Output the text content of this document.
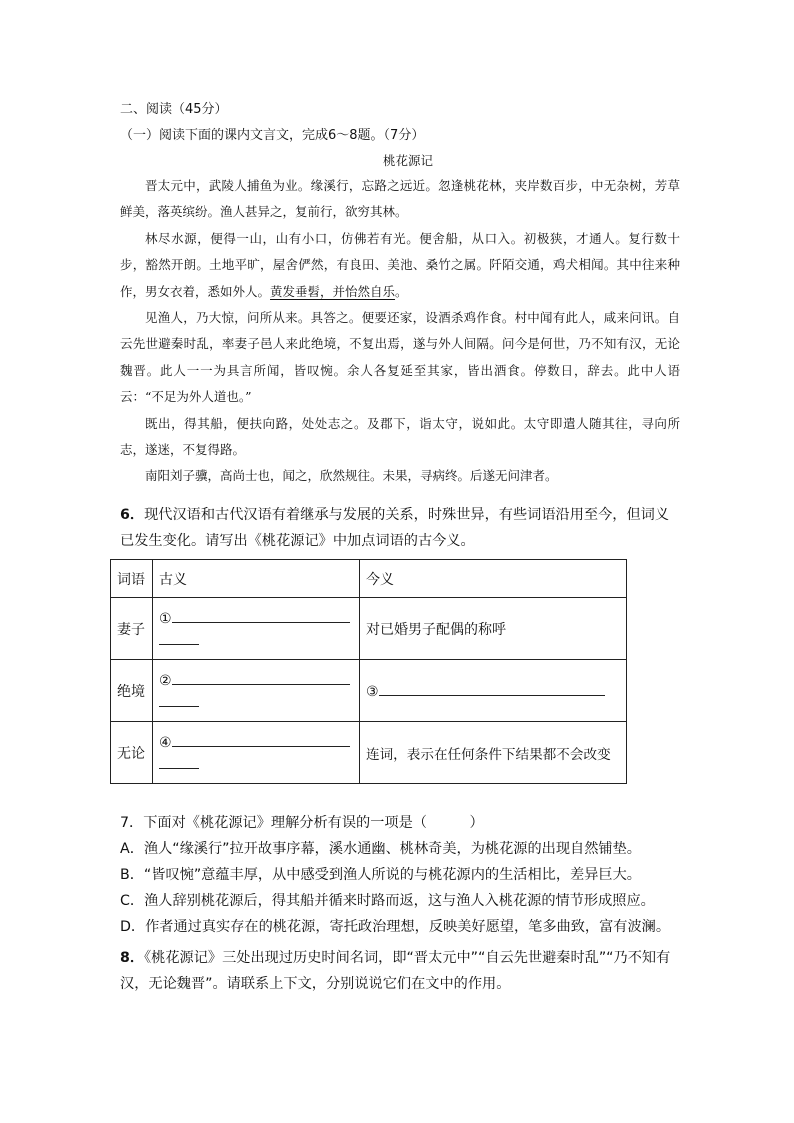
二、阅读（45分）
（一）阅读下面的课内文言文，完成6～8题。（7分）
桃花源记

晋太元中，武陵人捕鱼为业。缘溪行，忘路之远近。忽逢桃花林，夹岸数百步，中无杂树，芳草鲜美，落英缤纷。渔人甚异之，复前行，欲穷其林。

林尽水源，便得一山，山有小口，仿佛若有光。便舍船，从口入。初极狭，才通人。复行数十步，豁然开朗。土地平旷，屋舍俨然，有良田、美池、桑竹之属。阡陌交通，鸡犬相闻。其中往来种作，男女衣着，悉如外人。黄发垂髫，并怡然自乐。

见渔人，乃大惊，问所从来。具答之。便要还家，设酒杀鸡作食。村中闻有此人，咸来问讯。自云先世避秦时乱，率妻子邑人来此绝境，不复出焉，遂与外人间隔。问今是何世，乃不知有汉，无论魏晋。此人一一为具言所闻，皆叹惋。余人各复延至其家，皆出酒食。停数日，辞去。此中人语云：“不足为外人道也。”

既出，得其船，便扶向路，处处志之。及郡下，诣太守，说如此。太守即遣人随其往，寻向所志，遂迷，不复得路。

南阳刘子骥，高尚士也，闻之，欣然规往。未果，寻病终。后遂无问津者。

6．现代汉语和古代汉语有着继承与发展的关系，时殊世异，有些词语沿用至今，但词义已发生变化。请写出《桃花源记》中加点词语的古今义。

词语	古义	今义
妻子	①	对已婚男子配偶的称呼
绝境	②	③
无论	④	连词，表示在任何条件下结果都不会改变

7．下面对《桃花源记》理解分析有误的一项是（　　　）

A．渔人“缘溪行”拉开故事序幕，溪水通幽、桃林奇美，为桃花源的出现自然铺垫。

B．“皆叹惋”意蕴丰厚，从中感受到渔人所说的与桃花源内的生活相比，差异巨大。

C．渔人辞别桃花源后，得其船并循来时路而返，这与渔人入桃花源的情节形成照应。

D．作者通过真实存在的桃花源，寄托政治理想，反映美好愿望，笔多曲致，富有波澜。

8．《桃花源记》三处出现过历史时间名词，即“晋太元中”“自云先世避秦时乱”“乃不知有汉，无论魏晋”。请联系上下文，分别说说它们在文中的作用。
